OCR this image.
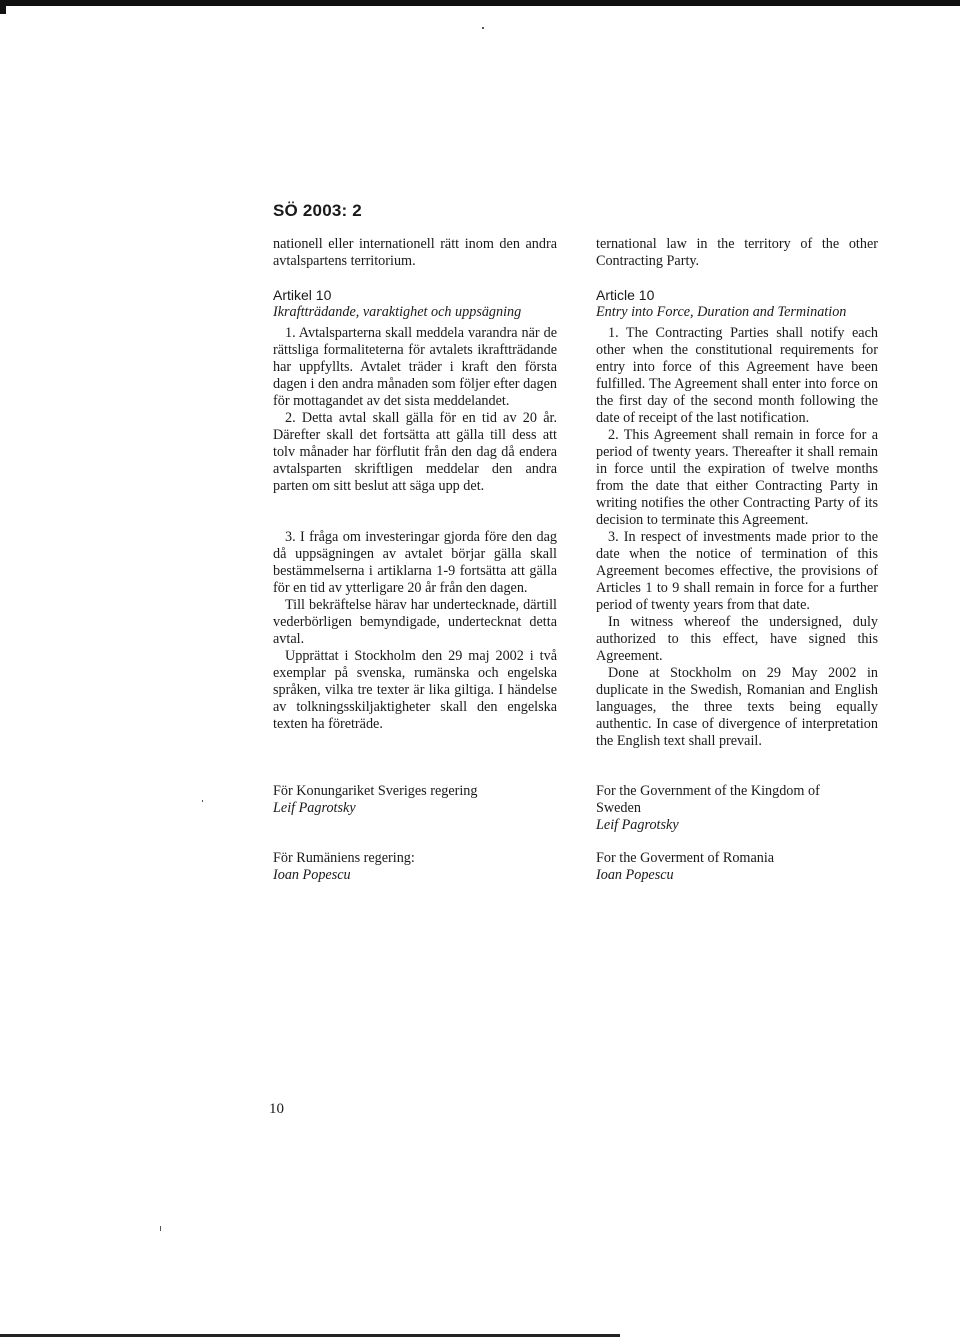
SÖ 2003: 2

nationell eller internationell rätt inom den andra avtalspartens territorium.

Artikel 10

Ikraftträdande, varaktighet och uppsägning

1. Avtalsparterna skall meddela varandra när de rättsliga formaliteterna för avtalets ikraftträdande har uppfyllts. Avtalet träder i kraft den första dagen i den andra månaden som följer efter dagen för mottagandet av det sista meddelandet.

2. Detta avtal skall gälla för en tid av 20 år. Därefter skall det fortsätta att gälla till dess att tolv månader har förflutit från den dag då endera avtalsparten skriftligen meddelar den andra parten om sitt beslut att säga upp det.

3. I fråga om investeringar gjorda före den dag då uppsägningen av avtalet börjar gälla skall bestämmelserna i artiklarna 1-9 fortsätta att gälla för en tid av ytterligare 20 år från den dagen.

Till bekräftelse härav har undertecknade, därtill vederbörligen bemyndigade, undertecknat detta avtal.

Upprättat i Stockholm den 29 maj 2002 i två exemplar på svenska, rumänska och engelska språken, vilka tre texter är lika giltiga. I händelse av tolkningsskiljaktigheter skall den engelska texten ha företräde.

ternational law in the territory of the other Contracting Party.

Article 10

Entry into Force, Duration and Termination

1. The Contracting Parties shall notify each other when the constitutional requirements for entry into force of this Agreement have been fulfilled. The Agreement shall enter into force on the first day of the second month following the date of receipt of the last notification.

2. This Agreement shall remain in force for a period of twenty years. Thereafter it shall remain in force until the expiration of twelve months from the date that either Contracting Party in writing notifies the other Contracting Party of its decision to terminate this Agreement.

3. In respect of investments made prior to the date when the notice of termination of this Agreement becomes effective, the provisions of Articles 1 to 9 shall remain in force for a further period of twenty years from that date.

In witness whereof the undersigned, duly authorized to this effect, have signed this Agreement.

Done at Stockholm on 29 May 2002 in duplicate in the Swedish, Romanian and English languages, the three texts being equally authentic. In case of divergence of interpretation the English text shall prevail.

För Konungariket Sveriges regering
Leif Pagrotsky
För Rumäniens regering:
Ioan Popescu
For the Government of the Kingdom of Sweden
Leif Pagrotsky
For the Goverment of Romania
Ioan Popescu
10
